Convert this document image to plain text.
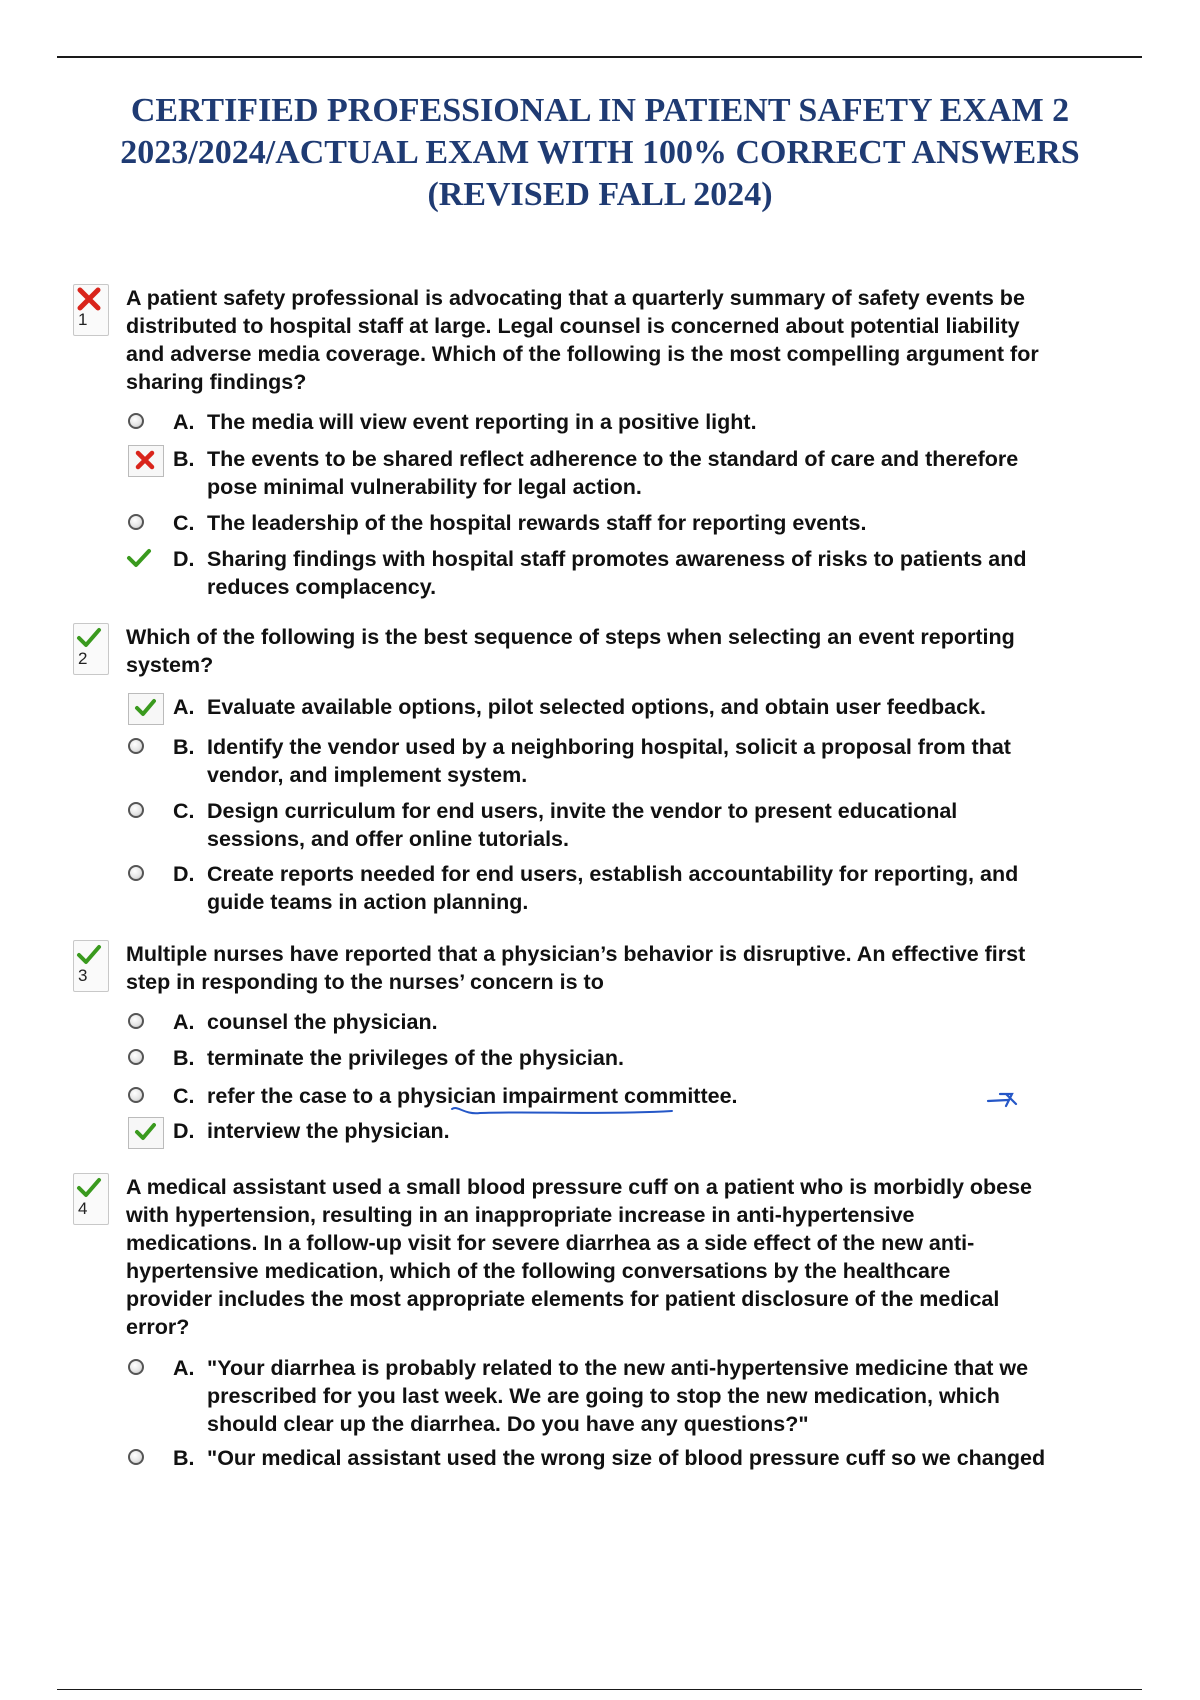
CERTIFIED PROFESSIONAL IN PATIENT SAFETY EXAM 2
2023/2024/ACTUAL EXAM WITH 100% CORRECT ANSWERS
(REVISED FALL 2024)
1
A patient safety professional is advocating that a quarterly summary of safety events be
distributed to hospital staff at large. Legal counsel is concerned about potential liability
and adverse media coverage. Which of the following is the most compelling argument for
sharing findings?
A. The media will view event reporting in a positive light.
B. The events to be shared reflect adherence to the standard of care and therefore
pose minimal vulnerability for legal action.
C. The leadership of the hospital rewards staff for reporting events.
D. Sharing findings with hospital staff promotes awareness of risks to patients and
reduces complacency.
2
Which of the following is the best sequence of steps when selecting an event reporting
system?
A. Evaluate available options, pilot selected options, and obtain user feedback.
B. Identify the vendor used by a neighboring hospital, solicit a proposal from that
vendor, and implement system.
C. Design curriculum for end users, invite the vendor to present educational
sessions, and offer online tutorials.
D. Create reports needed for end users, establish accountability for reporting, and
guide teams in action planning.
3
Multiple nurses have reported that a physician’s behavior is disruptive. An effective first
step in responding to the nurses’ concern is to
A. counsel the physician.
B. terminate the privileges of the physician.
C. refer the case to a physician impairment committee.
D. interview the physician.
4
A medical assistant used a small blood pressure cuff on a patient who is morbidly obese
with hypertension, resulting in an inappropriate increase in anti-hypertensive
medications. In a follow-up visit for severe diarrhea as a side effect of the new anti-
hypertensive medication, which of the following conversations by the healthcare
provider includes the most appropriate elements for patient disclosure of the medical
error?
A. "Your diarrhea is probably related to the new anti-hypertensive medicine that we
prescribed for you last week. We are going to stop the new medication, which
should clear up the diarrhea. Do you have any questions?"
B. "Our medical assistant used the wrong size of blood pressure cuff so we changed
